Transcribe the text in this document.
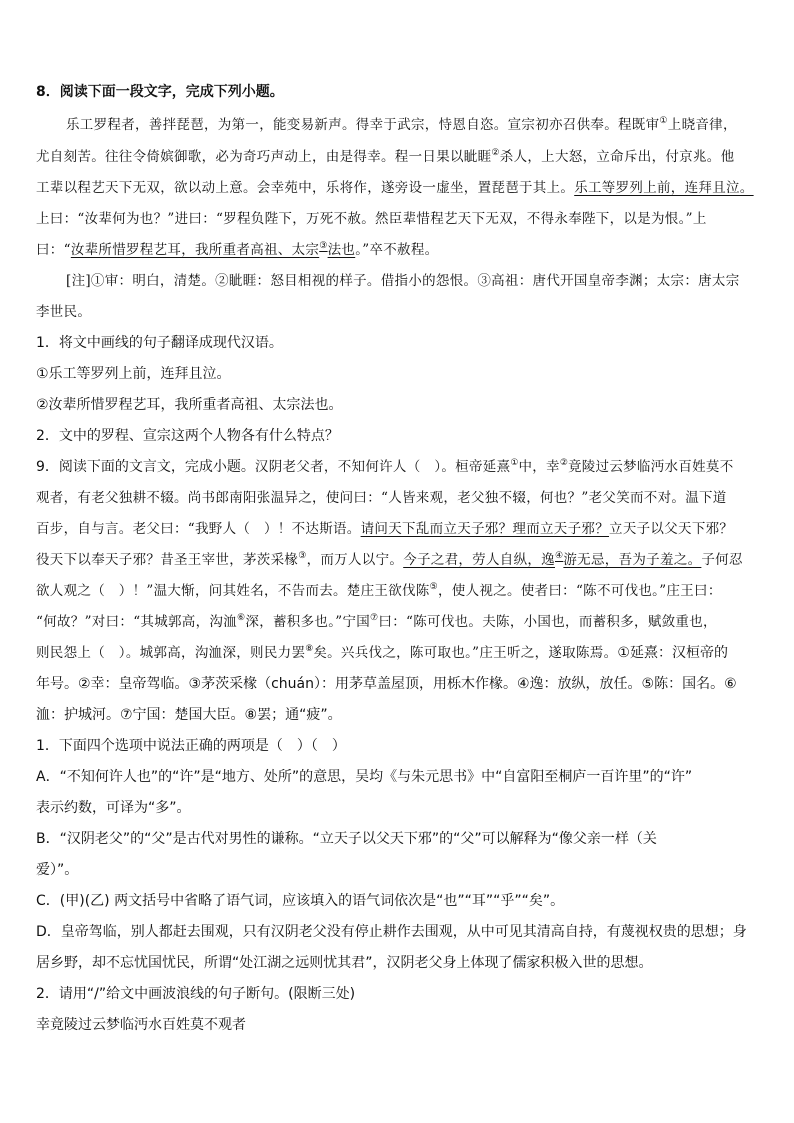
8．阅读下面一段文字，完成下列小题。
乐工罗程者，善拌琵琶，为第一，能变易新声。得幸于武宗，恃恩自恣。宣宗初亦召供奉。程既审①上晓音律，
尤自刻苦。往往令倚嫔御歌，必为奇巧声动上，由是得幸。程一日果以眦睚②杀人，上大怒，立命斥出，付京兆。他
工辈以程艺天下无双，欲以动上意。会幸苑中，乐将作，遂旁设一虚坐，置琵琶于其上。乐工等罗列上前，连拜且泣。
上曰：“汝辈何为也？”进曰：“罗程负陛下，万死不赦。然臣辈惜程艺天下无双，不得永奉陛下，以是为恨。”上
曰：“汝辈所惜罗程艺耳，我所重者高祖、太宗③法也。”卒不赦程。
[注]①审：明白，清楚。②眦睚：怒目相视的样子。借指小的怨恨。③高祖：唐代开国皇帝李渊；太宗：唐太宗
李世民。
1．将文中画线的句子翻译成现代汉语。
①乐工等罗列上前，连拜且泣。
②汝辈所惜罗程艺耳，我所重者高祖、太宗法也。
2．文中的罗程、宣宗这两个人物各有什么特点？
9．阅读下面的文言文，完成小题。汉阴老父者，不知何许人（　）。桓帝延熹①中，幸②竟陵过云梦临沔水百姓莫不
观者，有老父独耕不辍。尚书郎南阳张温异之，使问曰：“人皆来观，老父独不辍，何也？”老父笑而不对。温下道
百步，自与言。老父曰：“我野人（　）！不达斯语。请问天下乱而立天子邪？理而立天子邪？立天子以父天下邪？
役天下以奉天子邪？昔圣王宰世，茅茨采椽③，而万人以宁。今子之君，劳人自纵，逸④游无忌，吾为子羞之。子何忍
欲人观之（　）！”温大惭，问其姓名，不告而去。楚庄王欲伐陈⑤，使人视之。使者曰：“陈不可伐也。”庄王曰：
“何故？”对曰：“其城郭高，沟洫⑥深，蓄积多也。”宁国⑦曰：“陈可伐也。夫陈，小国也，而蓄积多，赋敛重也，
则民怨上（　）。城郭高，沟洫深，则民力罢⑧矣。兴兵伐之，陈可取也。”庄王听之，遂取陈焉。①延熹：汉桓帝的
年号。②幸：皇帝驾临。③茅茨采椽（chuán）：用茅草盖屋顶，用栎木作椽。④逸：放纵，放任。⑤陈：国名。⑥
洫：护城河。⑦宁国：楚国大臣。⑧罢；通“疲”。
1．下面四个选项中说法正确的两项是（　）（　）
A．“不知何许人也”的“许”是“地方、处所”的意思，吴均《与朱元思书》中“自富阳至桐庐一百许里”的“许”
表示约数，可译为“多”。
B．“汉阴老父”的“父”是古代对男性的谦称。“立天子以父天下邪”的“父”可以解释为“像父亲一样（关
爱）”。
C．(甲)(乙) 两文括号中省略了语气词，应该填入的语气词依次是“也”“耳”“乎”“矣”。
D．皇帝驾临，别人都赶去围观，只有汉阴老父没有停止耕作去围观，从中可见其清高自持，有蔑视权贵的思想；身
居乡野，却不忘忧国忧民，所谓“处江湖之远则忧其君”，汉阴老父身上体现了儒家积极入世的思想。
2．请用“/”给文中画波浪线的句子断句。(限断三处)
幸竟陵过云梦临沔水百姓莫不观者
